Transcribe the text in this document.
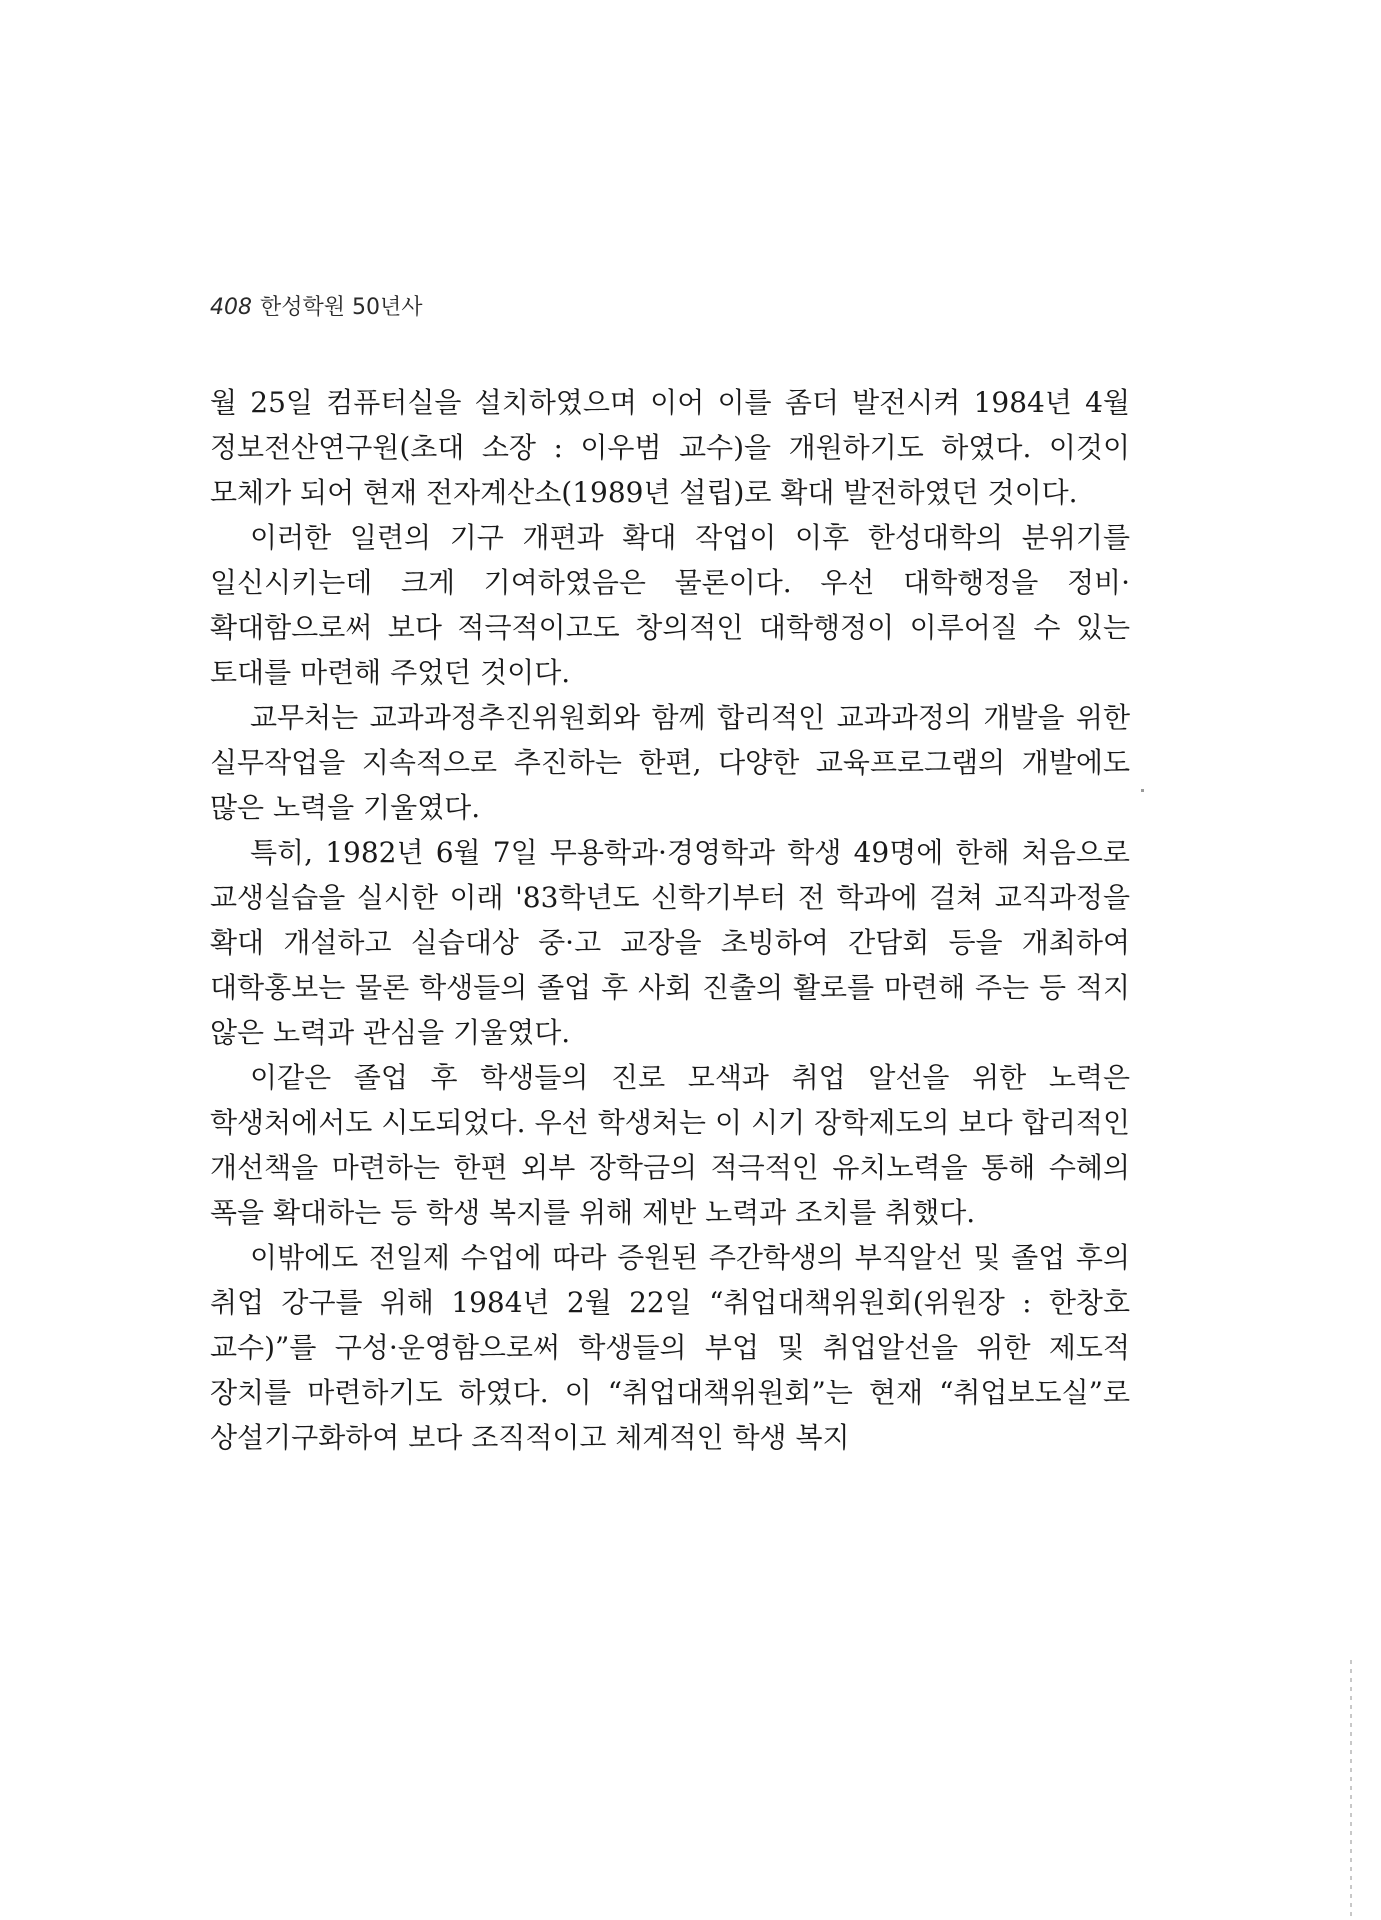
408 한성학원 50년사

월 25일 컴퓨터실을 설치하였으며 이어 이를 좀더 발전시켜 1984년 4월 정보전산연구원(초대 소장 : 이우범 교수)을 개원하기도 하였다. 이것이 모체가 되어 현재 전자계산소(1989년 설립)로 확대 발전하였던 것이다.

이러한 일련의 기구 개편과 확대 작업이 이후 한성대학의 분위기를 일신시키는데 크게 기여하였음은 물론이다. 우선 대학행정을 정비·확대함으로써 보다 적극적이고도 창의적인 대학행정이 이루어질 수 있는 토대를 마련해 주었던 것이다.

교무처는 교과과정추진위원회와 함께 합리적인 교과과정의 개발을 위한 실무작업을 지속적으로 추진하는 한편, 다양한 교육프로그램의 개발에도 많은 노력을 기울였다.

특히, 1982년 6월 7일 무용학과·경영학과 학생 49명에 한해 처음으로 교생실습을 실시한 이래 '83학년도 신학기부터 전 학과에 걸쳐 교직과정을 확대 개설하고 실습대상 중·고 교장을 초빙하여 간담회 등을 개최하여 대학홍보는 물론 학생들의 졸업 후 사회 진출의 활로를 마련해 주는 등 적지 않은 노력과 관심을 기울였다.

이같은 졸업 후 학생들의 진로 모색과 취업 알선을 위한 노력은 학생처에서도 시도되었다. 우선 학생처는 이 시기 장학제도의 보다 합리적인 개선책을 마련하는 한편 외부 장학금의 적극적인 유치노력을 통해 수혜의 폭을 확대하는 등 학생 복지를 위해 제반 노력과 조치를 취했다.

이밖에도 전일제 수업에 따라 증원된 주간학생의 부직알선 및 졸업 후의 취업 강구를 위해 1984년 2월 22일 “취업대책위원회(위원장 : 한창호 교수)”를 구성·운영함으로써 학생들의 부업 및 취업알선을 위한 제도적 장치를 마련하기도 하였다. 이 “취업대책위원회”는 현재 “취업보도실”로 상설기구화하여 보다 조직적이고 체계적인 학생 복지
